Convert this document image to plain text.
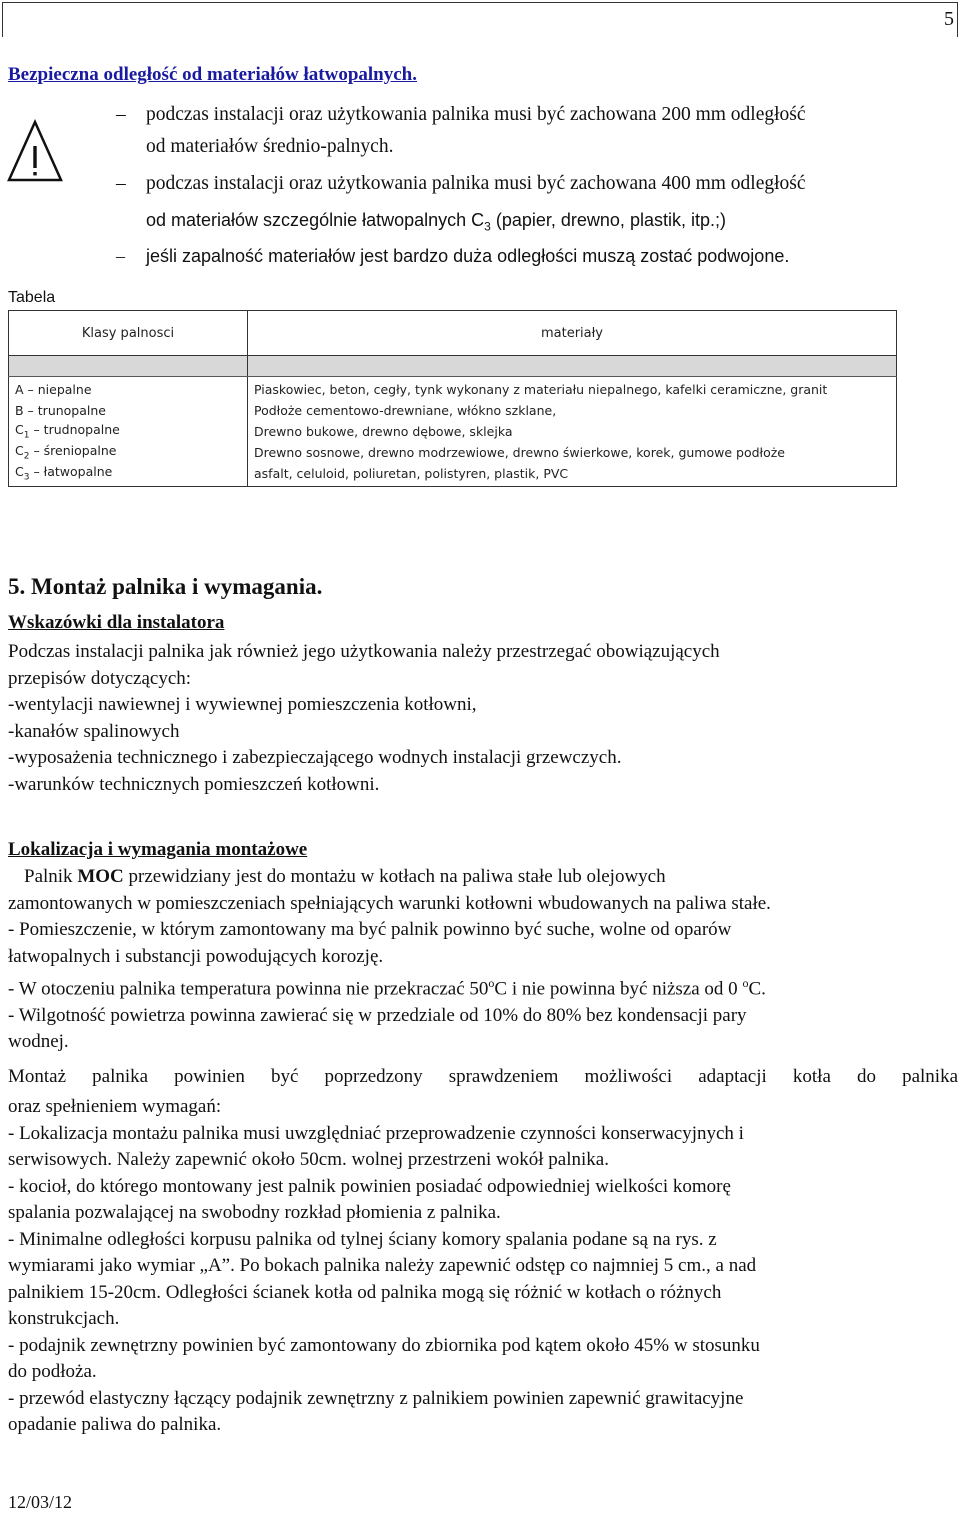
5
Bezpieczna odległość od materiałów łatwopalnych.
– podczas instalacji oraz użytkowania palnika musi być zachowana 200 mm odległość
od materiałów średnio-palnych.
– podczas instalacji oraz użytkowania palnika musi być zachowana 400 mm odległość
od materiałów szczególnie łatwopalnych $C_3$ (papier, drewno, plastik, itp.;)
– jeśli zapalność materiałów jest bardzo duża odległości muszą zostać podwojone.
Tabela
Klasy palnosci	materiały

A – niepalne	Piaskowiec, beton, cegły, tynk wykonany z materiału niepalnego, kafelki ceramiczne, granit
B – trunopalne	Podłoże cementowo-drewniane, włókno szklane,
$C_1$ – trudnopalne	Drewno bukowe, drewno dębowe, sklejka
$C_2$ – śreniopalne	Drewno sosnowe, drewno modrzewiowe, drewno świerkowe, korek, gumowe podłoże
$C_3$ – łatwopalne	asfalt, celuloid, poliuretan, polistyren, plastik, PVC
5. Montaż palnika i wymagania.
Wskazówki dla instalatora
Podczas instalacji palnika jak również jego użytkowania należy przestrzegać obowiązujących
przepisów dotyczących:
-wentylacji nawiewnej i wywiewnej pomieszczenia kotłowni,
-kanałów spalinowych
-wyposażenia technicznego i zabezpieczającego wodnych instalacji grzewczych.
-warunków technicznych pomieszczeń kotłowni.
Lokalizacja i wymagania montażowe
Palnik MOC przewidziany jest do montażu w kotłach na paliwa stałe lub olejowych
zamontowanych w pomieszczeniach spełniających warunki kotłowni wbudowanych na paliwa stałe.
- Pomieszczenie, w którym zamontowany ma być palnik powinno być suche, wolne od oparów
łatwopalnych i substancji powodujących korozję.
- W otoczeniu palnika temperatura powinna nie przekraczać 50$^o$C i nie powinna być niższa od 0 $^o$C.
- Wilgotność powietrza powinna zawierać się w przedziale od 10% do 80% bez kondensacji pary
wodnej.
Montaż palnika powinien być poprzedzony sprawdzeniem możliwości adaptacji kotła do palnika
oraz spełnieniem wymagań:
- Lokalizacja montażu palnika musi uwzględniać przeprowadzenie czynności konserwacyjnych i
serwisowych. Należy zapewnić około 50cm. wolnej przestrzeni wokół palnika.
- kocioł, do którego montowany jest palnik powinien posiadać odpowiedniej wielkości komorę
spalania pozwalającej na swobodny rozkład płomienia z palnika.
- Minimalne odległości korpusu palnika od tylnej ściany komory spalania podane są na rys. z
wymiarami jako wymiar „A”. Po bokach palnika należy zapewnić odstęp co najmniej 5 cm., a nad
palnikiem 15-20cm. Odległości ścianek kotła od palnika mogą się różnić w kotłach o różnych
konstrukcjach.
- podajnik zewnętrzny powinien być zamontowany do zbiornika pod kątem około 45% w stosunku
do podłoża.
- przewód elastyczny łączący podajnik zewnętrzny z palnikiem powinien zapewnić grawitacyjne
opadanie paliwa do palnika.
12/03/12
